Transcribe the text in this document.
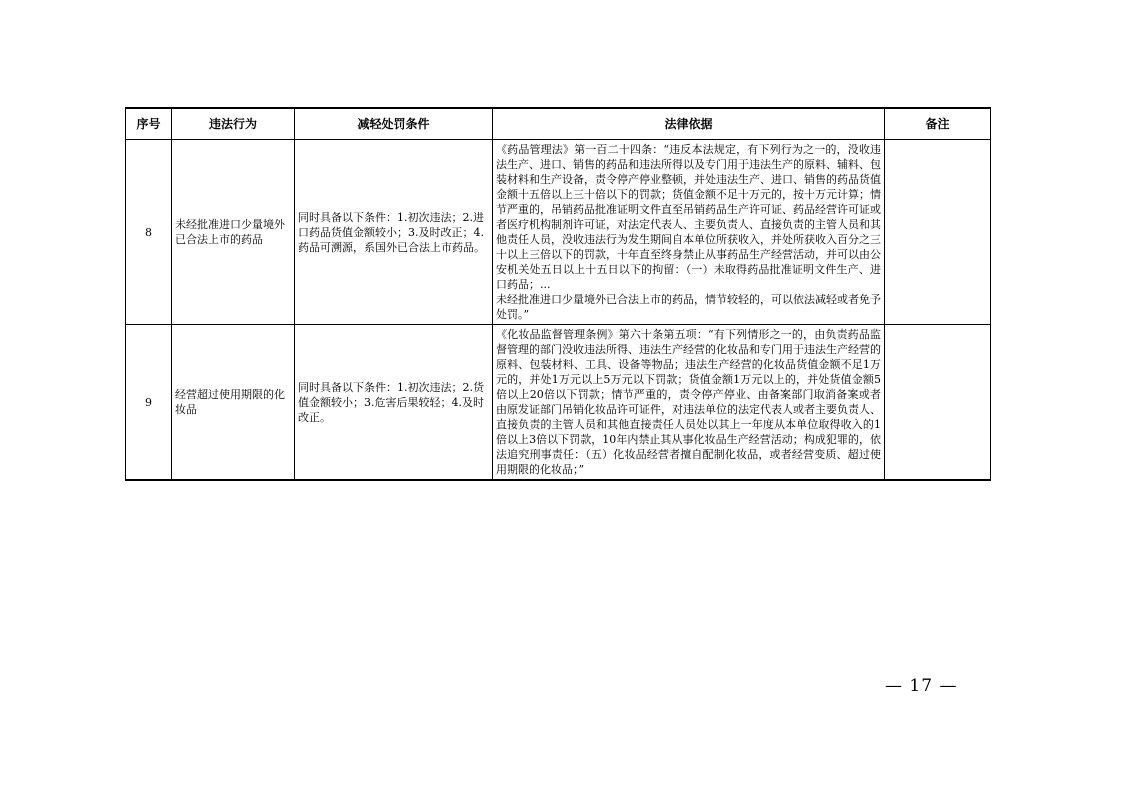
序号	违法行为	减轻处罚条件	法律依据	备注
8	未经批准进口少量境外已合法上市的药品	同时具备以下条件：1.初次违法；2.进口药品货值金额较小；3.及时改正；4.药品可溯源，系国外已合法上市药品。	《药品管理法》第一百二十四条：“违反本法规定，有下列行为之一的，没收违法生产、进口、销售的药品和违法所得以及专门用于违法生产的原料、辅料、包装材料和生产设备，责令停产停业整顿，并处违法生产、进口、销售的药品货值金额十五倍以上三十倍以下的罚款；货值金额不足十万元的，按十万元计算；情节严重的，吊销药品批准证明文件直至吊销药品生产许可证、药品经营许可证或者医疗机构制剂许可证，对法定代表人、主要负责人、直接负责的主管人员和其他责任人员，没收违法行为发生期间自本单位所获收入，并处所获收入百分之三十以上三倍以下的罚款，十年直至终身禁止从事药品生产经营活动，并可以由公安机关处五日以上十五日以下的拘留：（一）未取得药品批准证明文件生产、进口药品；...
未经批准进口少量境外已合法上市的药品，情节较轻的，可以依法减轻或者免予处罚。”	

9	经营超过使用期限的化妆品	同时具备以下条件：1.初次违法；2.货值金额较小；3.危害后果较轻；4.及时改正。	《化妆品监督管理条例》第六十条第五项：“有下列情形之一的，由负责药品监督管理的部门没收违法所得、违法生产经营的化妆品和专门用于违法生产经营的原料、包装材料、工具、设备等物品；违法生产经营的化妆品货值金额不足1万元的，并处1万元以上5万元以下罚款；货值金额1万元以上的，并处货值金额5倍以上20倍以下罚款；情节严重的，责令停产停业、由备案部门取消备案或者由原发证部门吊销化妆品许可证件，对违法单位的法定代表人或者主要负责人、直接负责的主管人员和其他直接责任人员处以其上一年度从本单位取得收入的1倍以上3倍以下罚款，10年内禁止其从事化妆品生产经营活动；构成犯罪的，依法追究刑事责任：（五）化妆品经营者擅自配制化妆品，或者经营变质、超过使用期限的化妆品；”	

— 17 —
